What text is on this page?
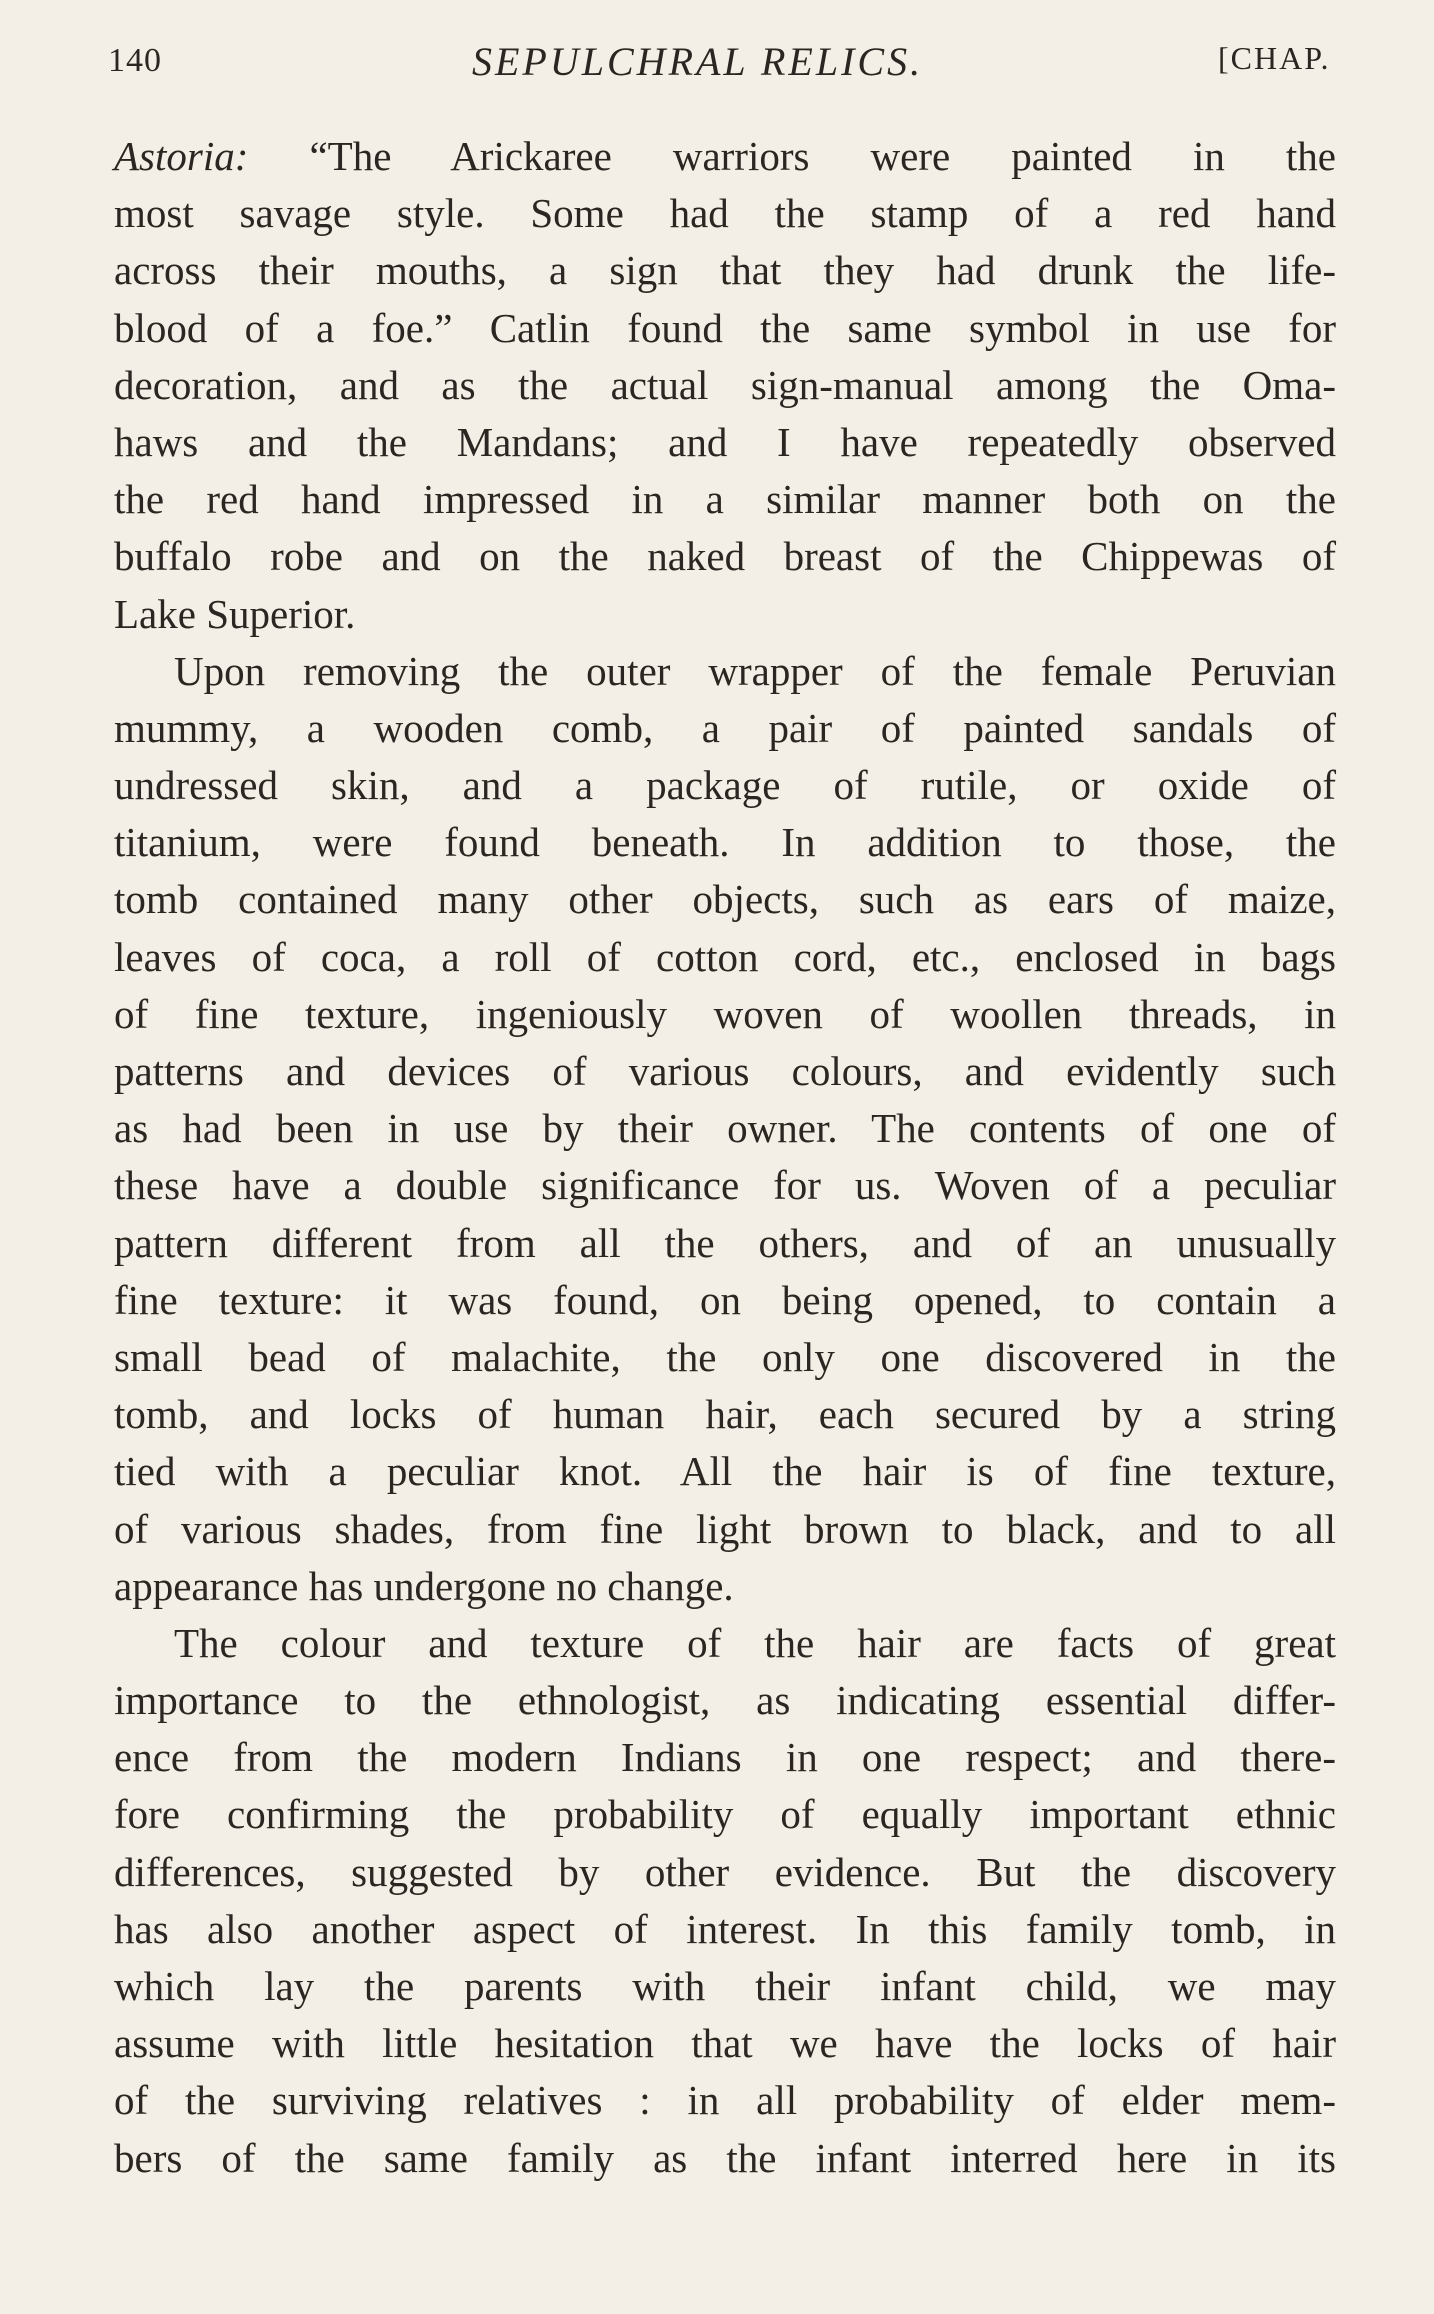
140	SEPULCHRAL RELICS.	[CHAP.
Astoria: “The Arickaree warriors were painted in the
most savage style. Some had the stamp of a red hand
across their mouths, a sign that they had drunk the life-
blood of a foe.” Catlin found the same symbol in use for
decoration, and as the actual sign-manual among the Oma-
haws and the Mandans; and I have repeatedly observed
the red hand impressed in a similar manner both on the
buffalo robe and on the naked breast of the Chippewas of
Lake Superior.
Upon removing the outer wrapper of the female Peruvian
mummy, a wooden comb, a pair of painted sandals of
undressed skin, and a package of rutile, or oxide of
titanium, were found beneath. In addition to those, the
tomb contained many other objects, such as ears of maize,
leaves of coca, a roll of cotton cord, etc., enclosed in bags
of fine texture, ingeniously woven of woollen threads, in
patterns and devices of various colours, and evidently such
as had been in use by their owner. The contents of one of
these have a double significance for us. Woven of a peculiar
pattern different from all the others, and of an unusually
fine texture: it was found, on being opened, to contain a
small bead of malachite, the only one discovered in the
tomb, and locks of human hair, each secured by a string
tied with a peculiar knot. All the hair is of fine texture,
of various shades, from fine light brown to black, and to all
appearance has undergone no change.
The colour and texture of the hair are facts of great
importance to the ethnologist, as indicating essential differ-
ence from the modern Indians in one respect; and there-
fore confirming the probability of equally important ethnic
differences, suggested by other evidence. But the discovery
has also another aspect of interest. In this family tomb, in
which lay the parents with their infant child, we may
assume with little hesitation that we have the locks of hair
of the surviving relatives : in all probability of elder mem-
bers of the same family as the infant interred here in its
